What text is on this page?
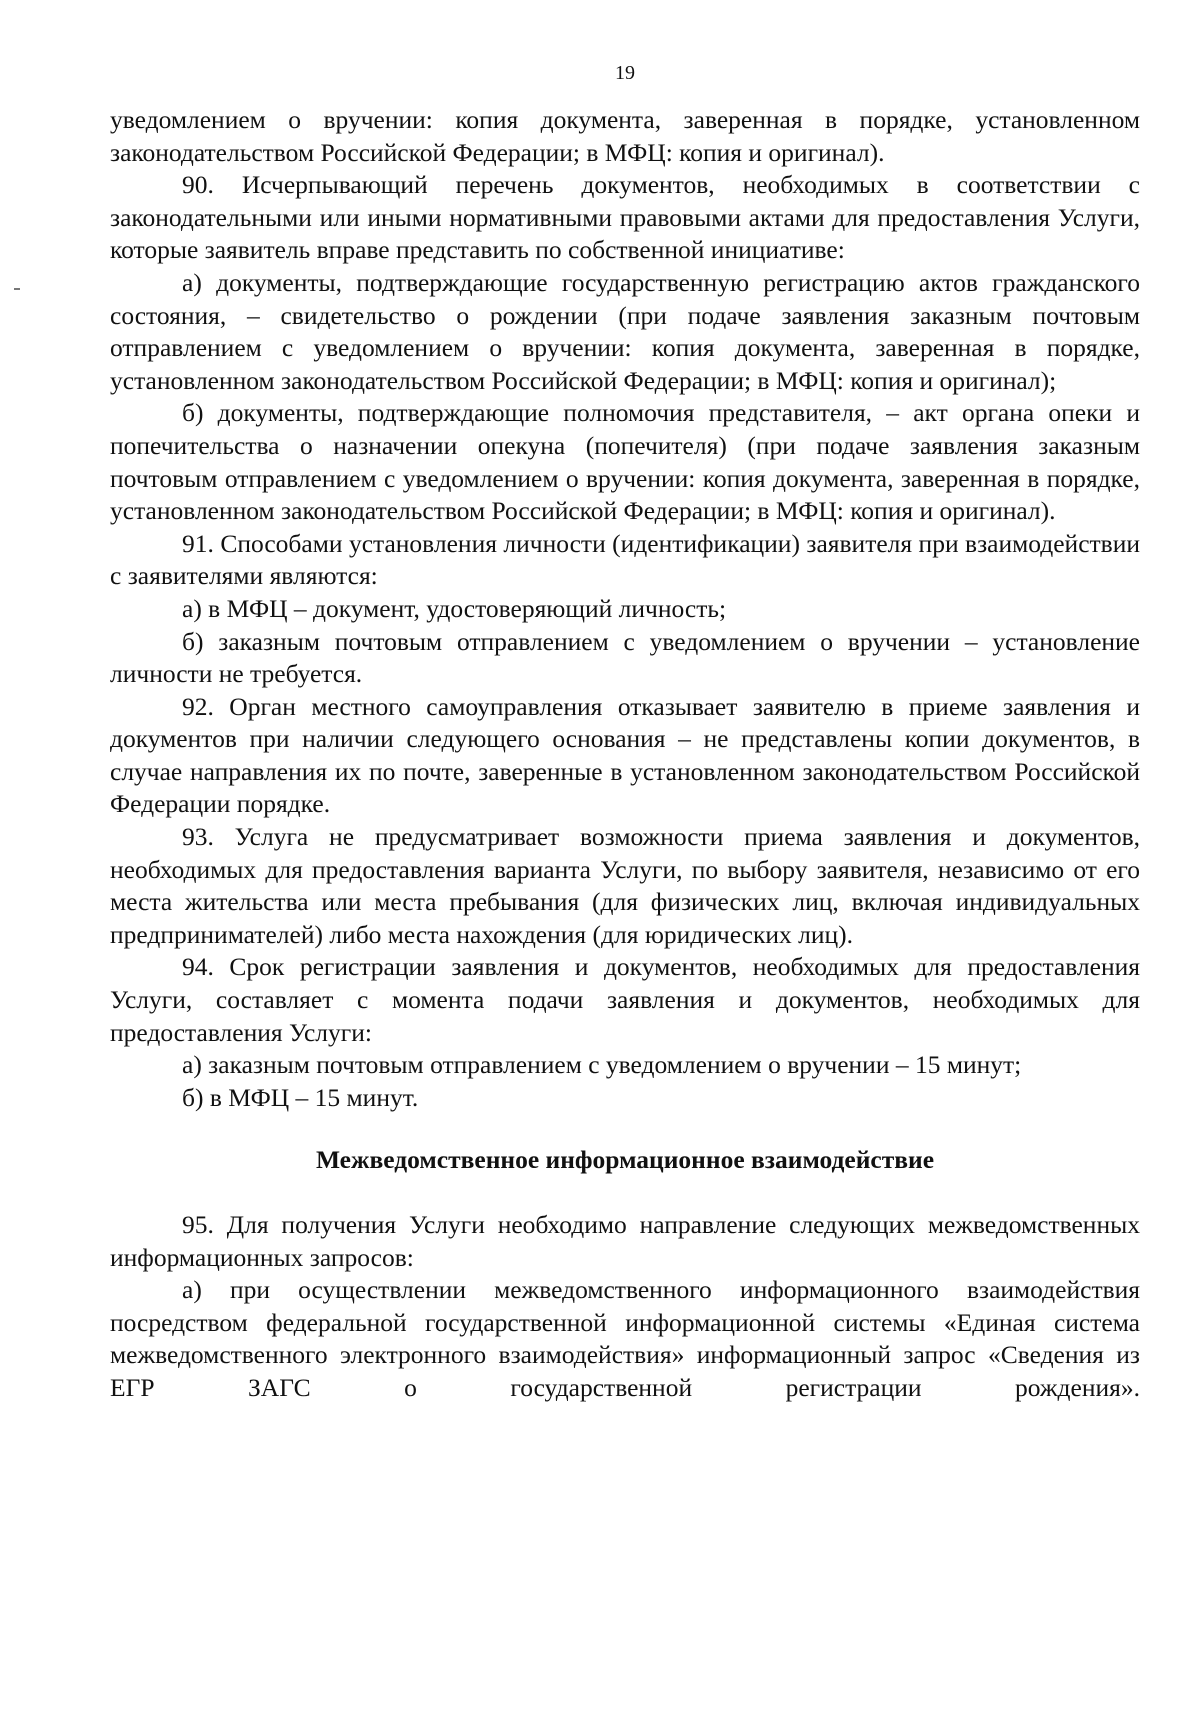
19

уведомлением о вручении: копия документа, заверенная в порядке, установленном законодательством Российской Федерации; в МФЦ: копия и оригинал).

90. Исчерпывающий перечень документов, необходимых в соответствии с законодательными или иными нормативными правовыми актами для предоставления Услуги, которые заявитель вправе представить по собственной инициативе:

а) документы, подтверждающие государственную регистрацию актов гражданского состояния, – свидетельство о рождении (при подаче заявления заказным почтовым отправлением с уведомлением о вручении: копия документа, заверенная в порядке, установленном законодательством Российской Федерации; в МФЦ: копия и оригинал);

б) документы, подтверждающие полномочия представителя, – акт органа опеки и попечительства о назначении опекуна (попечителя) (при подаче заявления заказным почтовым отправлением с уведомлением о вручении: копия документа, заверенная в порядке, установленном законодательством Российской Федерации; в МФЦ: копия и оригинал).

91. Способами установления личности (идентификации) заявителя при взаимодействии с заявителями являются:

а) в МФЦ – документ, удостоверяющий личность;

б) заказным почтовым отправлением с уведомлением о вручении – установление личности не требуется.

92. Орган местного самоуправления отказывает заявителю в приеме заявления и документов при наличии следующего основания – не представлены копии документов, в случае направления их по почте, заверенные в установленном законодательством Российской Федерации порядке.

93. Услуга не предусматривает возможности приема заявления и документов, необходимых для предоставления варианта Услуги, по выбору заявителя, независимо от его места жительства или места пребывания (для физических лиц, включая индивидуальных предпринимателей) либо места нахождения (для юридических лиц).

94. Срок регистрации заявления и документов, необходимых для предоставления Услуги, составляет с момента подачи заявления и документов, необходимых для предоставления Услуги:

а) заказным почтовым отправлением с уведомлением о вручении – 15 минут;

б) в МФЦ – 15 минут.

Межведомственное информационное взаимодействие

95. Для получения Услуги необходимо направление следующих межведомственных информационных запросов:

а) при осуществлении межведомственного информационного взаимодействия посредством федеральной государственной информационной системы «Единая система межведомственного электронного взаимодействия» информационный запрос «Сведения из ЕГР ЗАГС о государственной регистрации рождения».
